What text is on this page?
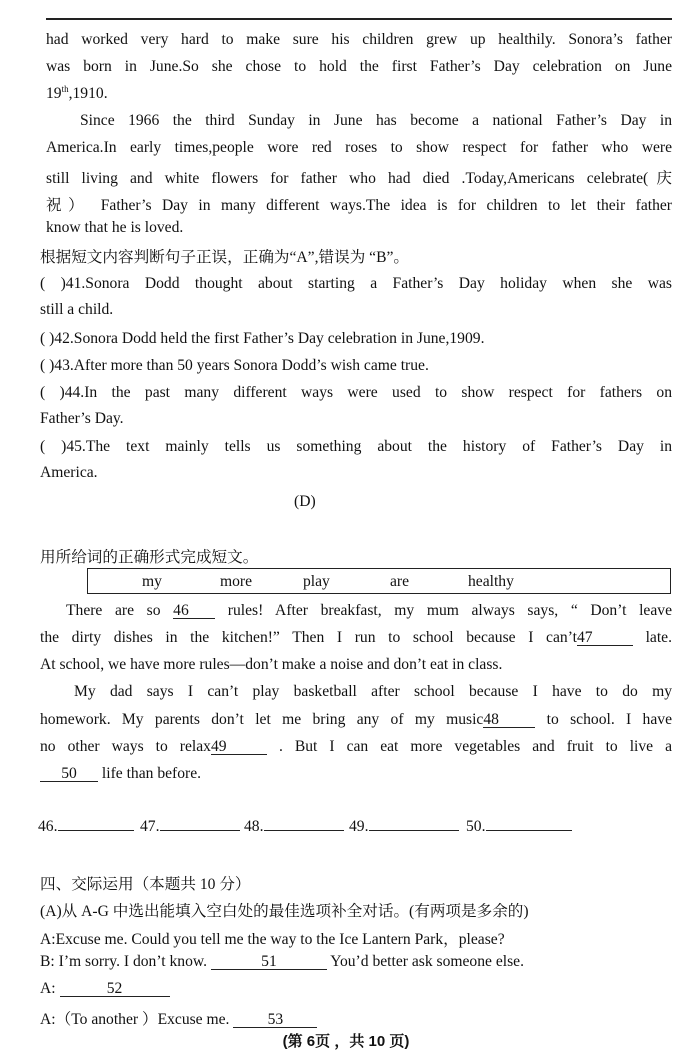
had worked very hard to make sure his children grew up healthily. Sonora’s father
was born in June.So she chose to hold the first Father’s Day celebration on June
19th,1910.
Since 1966 the third Sunday in June has become a national Father’s Day in
America.In early times,people wore red roses to show respect for father who were
still living and white flowers for father who had died .Today,Americans celebrate(庆
祝） Father’s Day in many different ways.The idea is for children to let their father
know that he is loved.
根据短文内容判断句子正误，正确为“A”,错误为 “B”。
( )41.Sonora Dodd thought about starting a Father’s Day holiday when she was
still a child.
( )42.Sonora Dodd held the first Father’s Day celebration in June,1909.
( )43.After more than 50 years Sonora Dodd’s wish came true.
( )44.In the past many different ways were used to show respect for fathers on
Father’s Day.
( )45.The text mainly tells us something about the history of Father’s Day in
America.
(D)
用所给词的正确形式完成短文。
my	more	play	are	healthy
There are so 46 rules! After breakfast, my mum always says, “ Don’t leave
the dirty dishes in the kitchen!” Then I run to school because I can’t47	late.
At school, we have more rules—don’t make a noise and don’t eat in class.
My dad says I can’t play basketball after school because I have to do my
homework. My parents don’t let me bring any of my music48 to school. I have
no other ways to relax49	. But I can eat more vegetables and fruit to live a
50 life than before.
46.	47.	48.	49.	50.
四、交际运用（本题共 10 分）
(A)从 A-G 中选出能填入空白处的最佳选项补全对话。(有两项是多余的)
A:Excuse me. Could you tell me the way to the Ice Lantern Park，please?
B: I’m sorry. I don’t know.	51	You’d better ask someone else.
A:	52
A:（To another ）Excuse me. 53
(第 6页 ，共 10 页)
